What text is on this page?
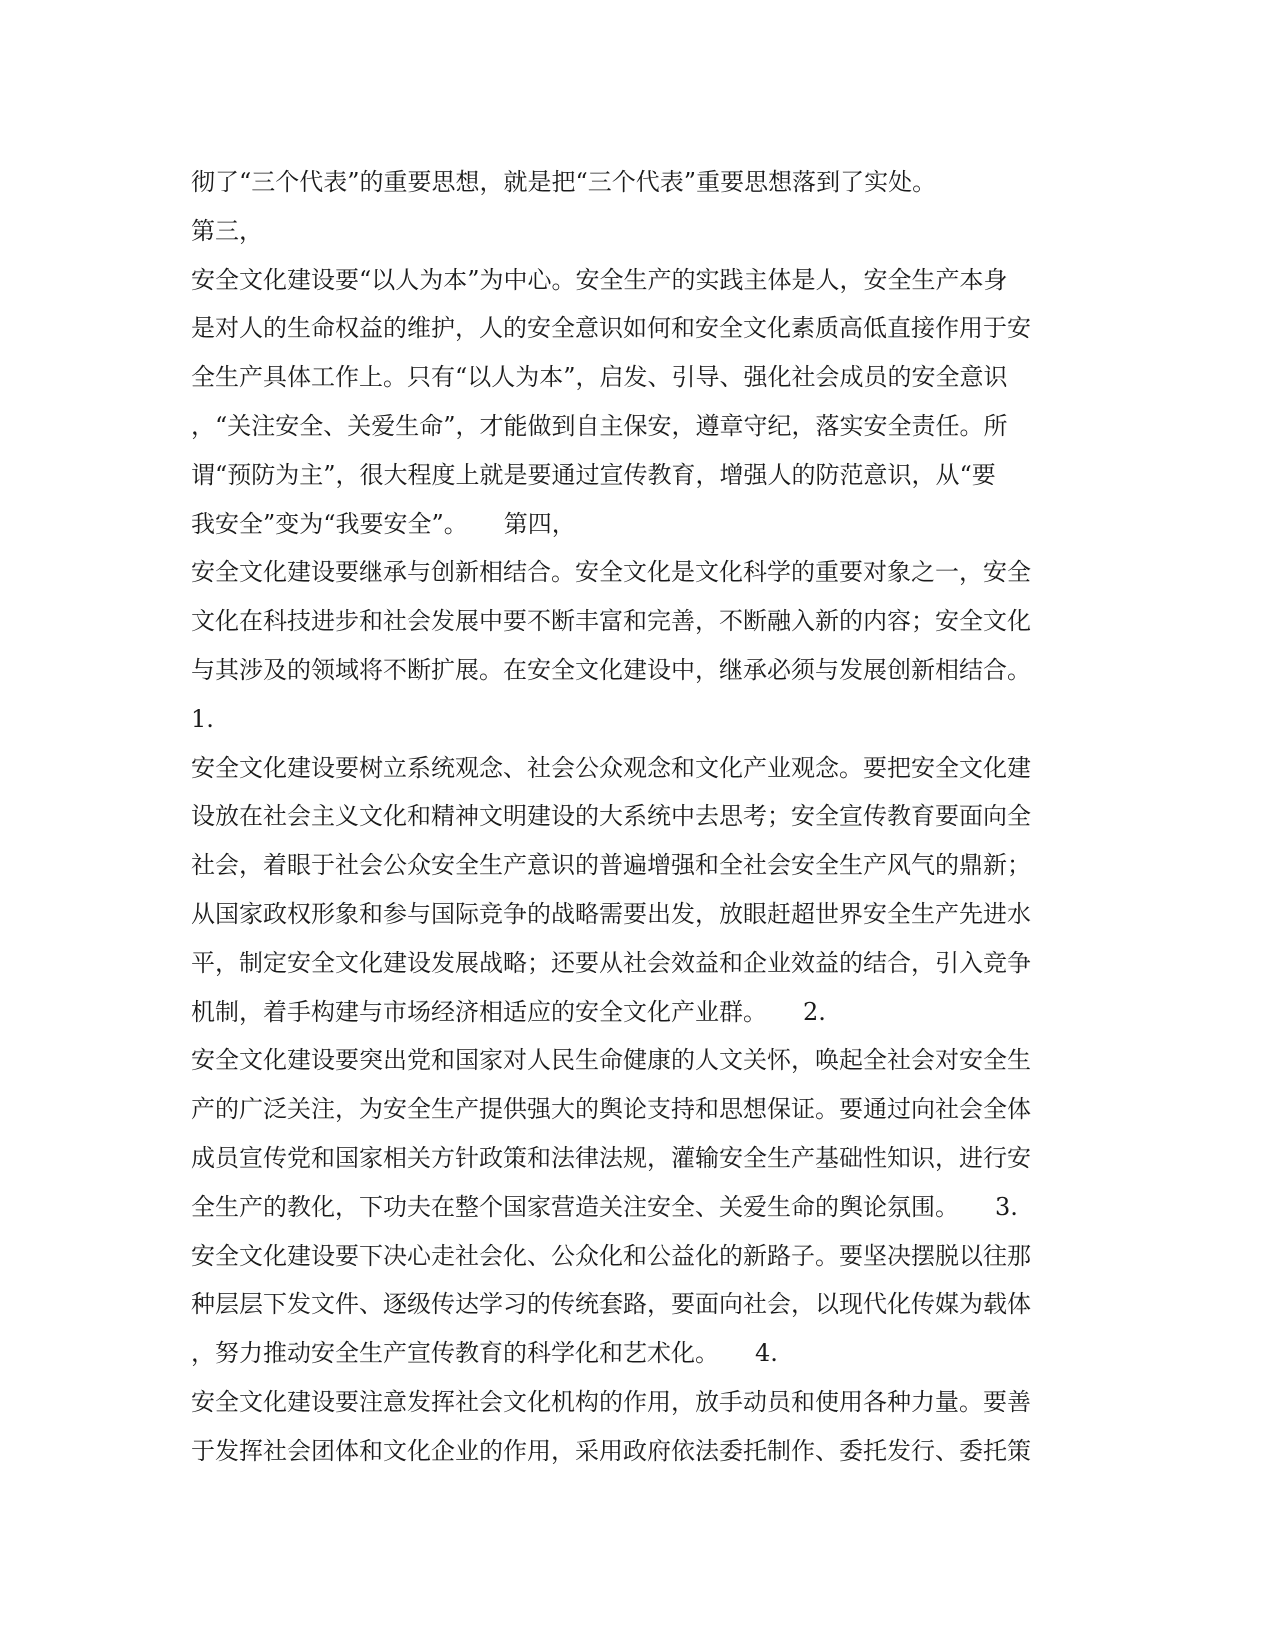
彻了“三个代表”的重要思想，就是把“三个代表”重要思想落到了实处。
第三，
安全文化建设要“以人为本”为中心。安全生产的实践主体是人，安全生产本身
是对人的生命权益的维护，人的安全意识如何和安全文化素质高低直接作用于安
全生产具体工作上。只有“以人为本”，启发、引导、强化社会成员的安全意识
，“关注安全、关爱生命”，才能做到自主保安，遵章守纪，落实安全责任。所
谓“预防为主”，很大程度上就是要通过宣传教育，增强人的防范意识，从“要
我安全”变为“我要安全”。　　第四，
安全文化建设要继承与创新相结合。安全文化是文化科学的重要对象之一，安全
文化在科技进步和社会发展中要不断丰富和完善，不断融入新的内容；安全文化
与其涉及的领域将不断扩展。在安全文化建设中，继承必须与发展创新相结合。
1.
安全文化建设要树立系统观念、社会公众观念和文化产业观念。要把安全文化建
设放在社会主义文化和精神文明建设的大系统中去思考；安全宣传教育要面向全
社会，着眼于社会公众安全生产意识的普遍增强和全社会安全生产风气的鼎新；
从国家政权形象和参与国际竞争的战略需要出发，放眼赶超世界安全生产先进水
平，制定安全文化建设发展战略；还要从社会效益和企业效益的结合，引入竞争
机制，着手构建与市场经济相适应的安全文化产业群。　　2.
安全文化建设要突出党和国家对人民生命健康的人文关怀，唤起全社会对安全生
产的广泛关注，为安全生产提供强大的舆论支持和思想保证。要通过向社会全体
成员宣传党和国家相关方针政策和法律法规，灌输安全生产基础性知识，进行安
全生产的教化，下功夫在整个国家营造关注安全、关爱生命的舆论氛围。　　3.
安全文化建设要下决心走社会化、公众化和公益化的新路子。要坚决摆脱以往那
种层层下发文件、逐级传达学习的传统套路，要面向社会，以现代化传媒为载体
，努力推动安全生产宣传教育的科学化和艺术化。　　4.
安全文化建设要注意发挥社会文化机构的作用，放手动员和使用各种力量。要善
于发挥社会团体和文化企业的作用，采用政府依法委托制作、委托发行、委托策
